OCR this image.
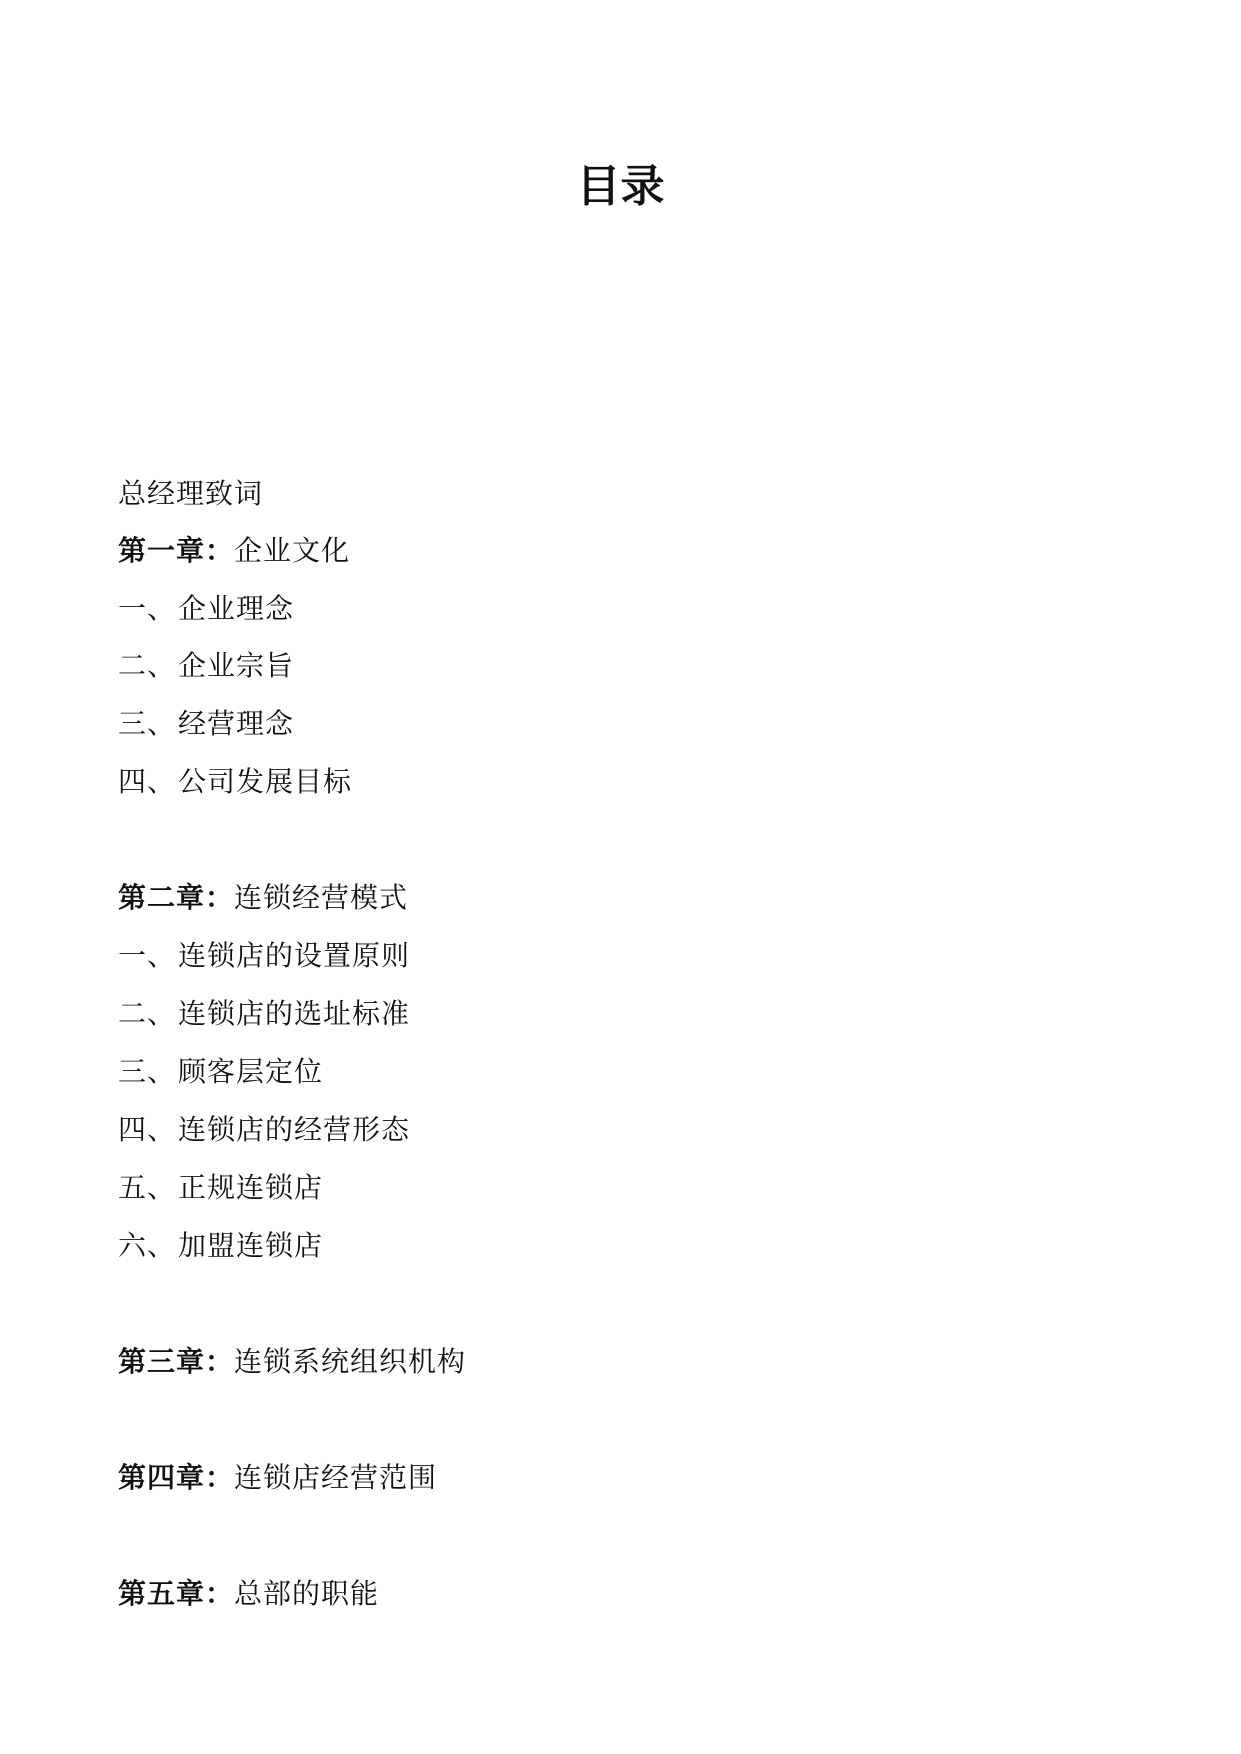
目录
总经理致词
第一章：企业文化
一、企业理念
二、企业宗旨
三、经营理念
四、公司发展目标
第二章：连锁经营模式
一、连锁店的设置原则
二、连锁店的选址标准
三、顾客层定位
四、连锁店的经营形态
五、正规连锁店
六、加盟连锁店
第三章：连锁系统组织机构
第四章：连锁店经营范围
第五章：总部的职能
